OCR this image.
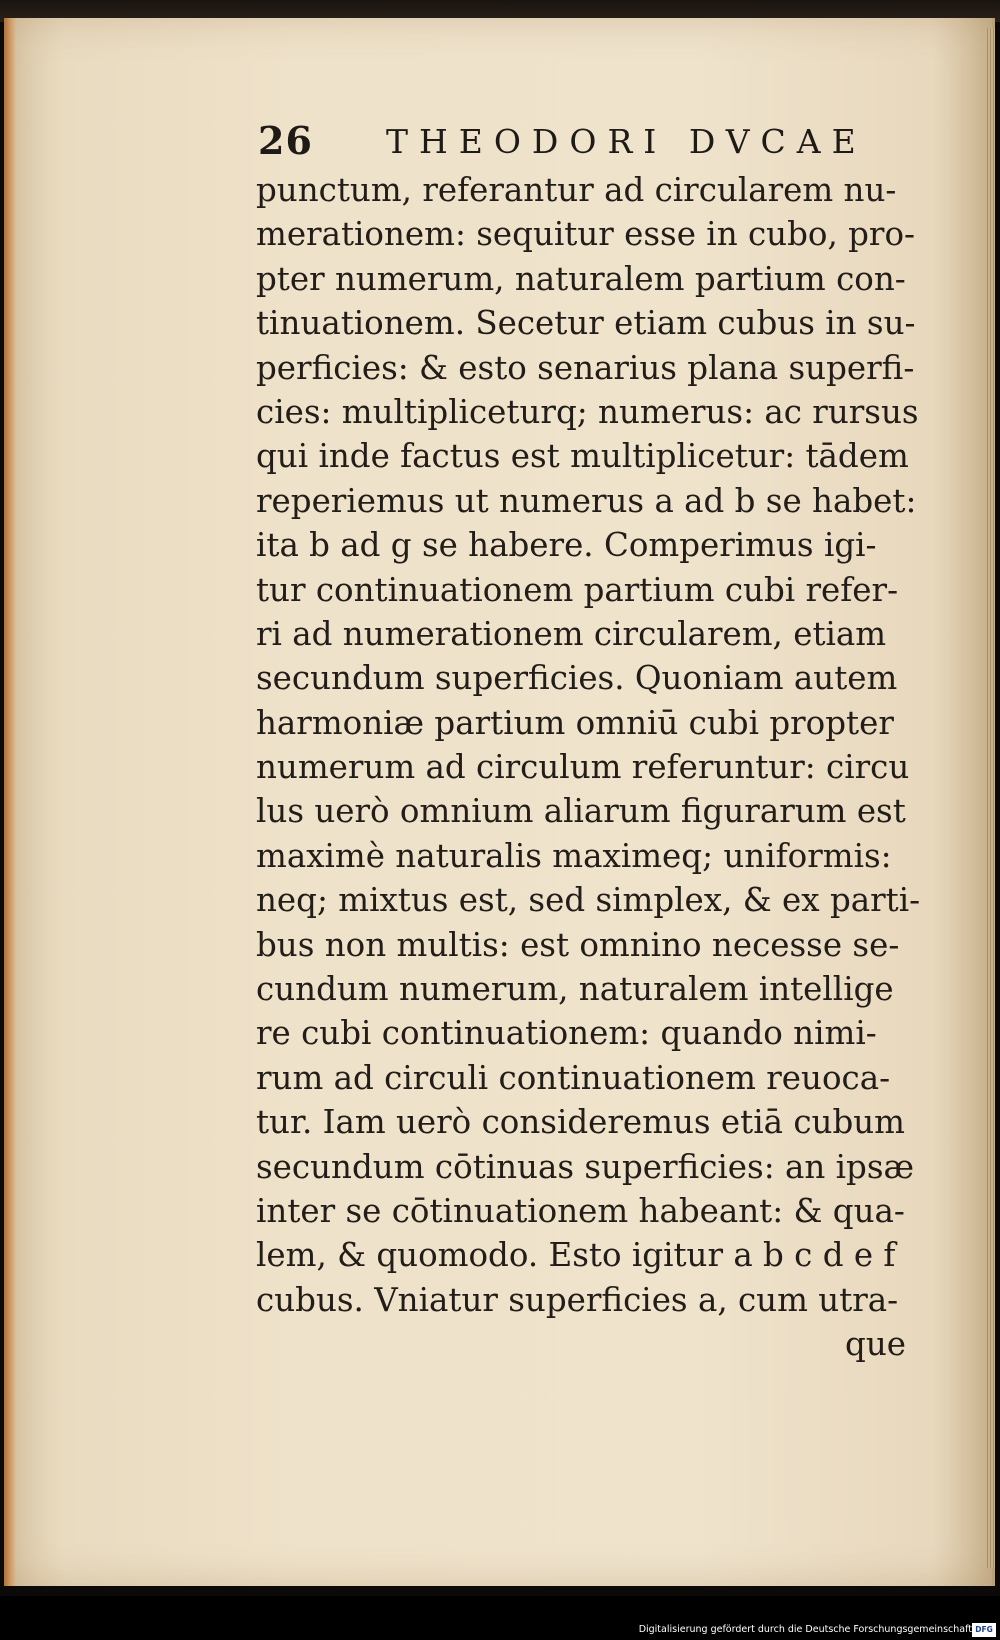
26 THEODORI DVCAE
punctum, referantur ad circularem nu-
merationem: sequitur esse in cubo, pro-
pter numerum, naturalem partium con-
tinuationem. Secetur etiam cubus in su-
perficies: & esto senarius plana superfi-
cies: multipliceturq; numerus: ac rursus
qui inde factus est multiplicetur: tādem
reperiemus ut numerus a ad b se habet:
ita b ad g se habere. Comperimus igi-
tur continuationem partium cubi refer-
ri ad numerationem circularem, etiam
secundum superficies. Quoniam autem
harmoniæ partium omniū cubi propter
numerum ad circulum referuntur: circu
lus uerò omnium aliarum figurarum est
maximè naturalis maximeq; uniformis:
neq; mixtus est, sed simplex, & ex parti-
bus non multis: est omnino necesse se-
cundum numerum, naturalem intellige
re cubi continuationem: quando nimi-
rum ad circuli continuationem reuoca-
tur. Iam uerò consideremus etiā cubum
secundum cōtinuas superficies: an ipsæ
inter se cōtinuationem habeant: & qua-
lem, & quomodo. Esto igitur a b c d e f
cubus. Vniatur superficies a, cum utra-
que
Digitalisierung gefördert durch die Deutsche Forschungsgemeinschaft DFG
